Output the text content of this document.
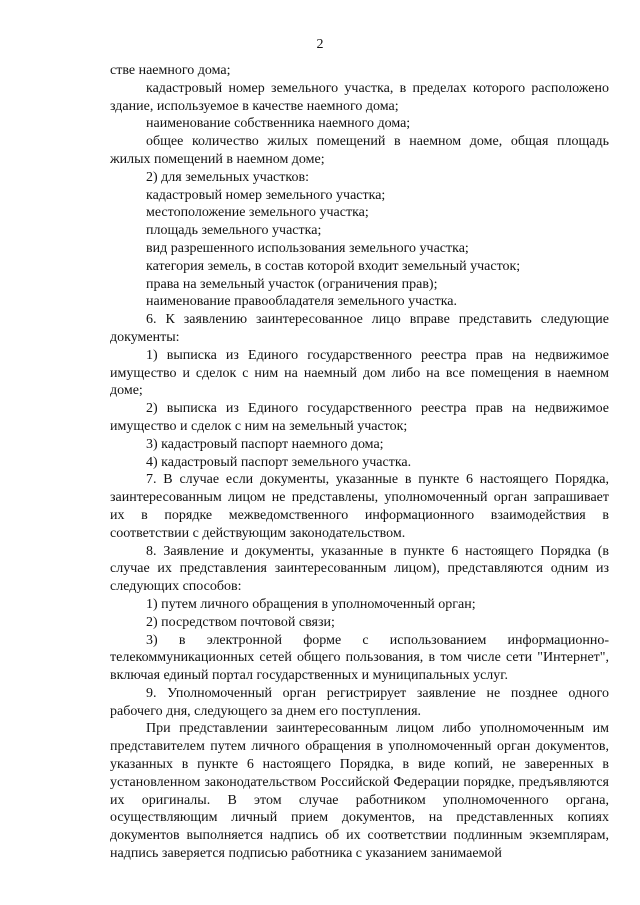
2

стве наемного дома;

кадастровый номер земельного участка, в пределах которого расположено здание, используемое в качестве наемного дома;

наименование собственника наемного дома;

общее количество жилых помещений в наемном доме, общая площадь жилых помещений в наемном доме;

2) для земельных участков:

кадастровый номер земельного участка;

местоположение земельного участка;

площадь земельного участка;

вид разрешенного использования земельного участка;

категория земель, в состав которой входит земельный участок;

права на земельный участок (ограничения прав);

наименование правообладателя земельного участка.

6. К заявлению заинтересованное лицо вправе представить следующие документы:

1) выписка из Единого государственного реестра прав на недвижимое имущество и сделок с ним на наемный дом либо на все помещения в наемном доме;

2) выписка из Единого государственного реестра прав на недвижимое имущество и сделок с ним на земельный участок;

3) кадастровый паспорт наемного дома;

4) кадастровый паспорт земельного участка.

7. В случае если документы, указанные в пункте 6 настоящего Порядка, заинтересованным лицом не представлены, уполномоченный орган запрашивает их в порядке межведомственного информационного взаимодействия в соответствии с действующим законодательством.

8. Заявление и документы, указанные в пункте 6 настоящего Порядка (в случае их представления заинтересованным лицом), представляются одним из следующих способов:

1) путем личного обращения в уполномоченный орган;

2) посредством почтовой связи;

3) в электронной форме с использованием информационно-телекоммуникационных сетей общего пользования, в том числе сети "Интернет", включая единый портал государственных и муниципальных услуг.

9. Уполномоченный орган регистрирует заявление не позднее одного рабочего дня, следующего за днем его поступления.

При представлении заинтересованным лицом либо уполномоченным им представителем путем личного обращения в уполномоченный орган документов, указанных в пункте 6 настоящего Порядка, в виде копий, не заверенных в установленном законодательством Российской Федерации порядке, предъявляются их оригиналы. В этом случае работником уполномоченного органа, осуществляющим личный прием документов, на представленных копиях документов выполняется надпись об их соответствии подлинным экземплярам, надпись заверяется подписью работника с указанием занимаемой
